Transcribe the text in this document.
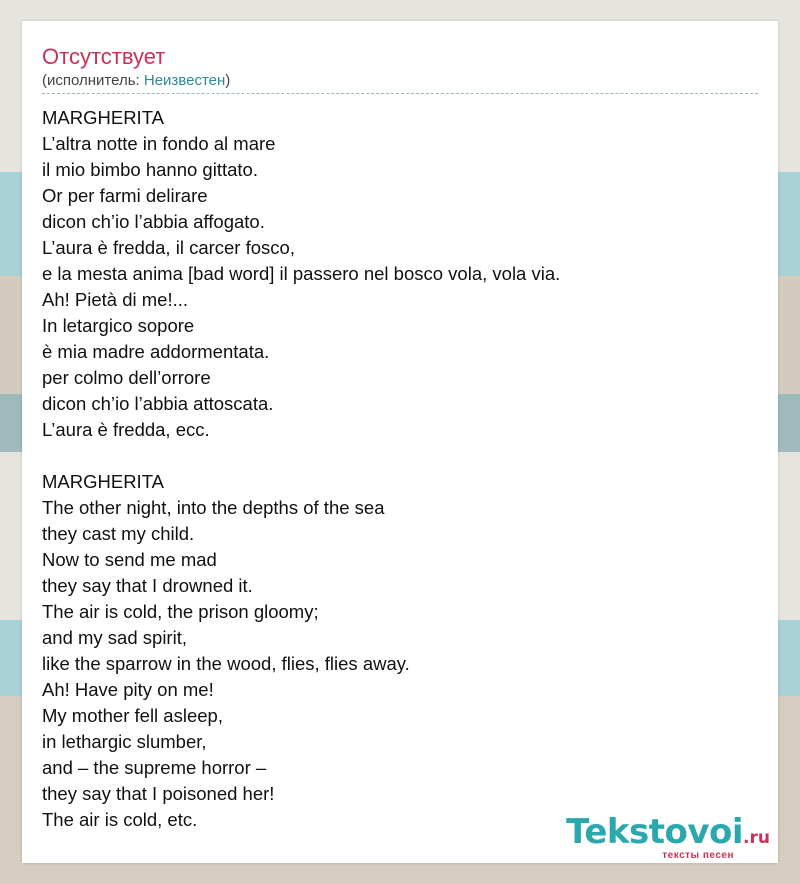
Отсутствует

(исполнитель: Неизвестен)

MARGHERITA
L’altra notte in fondo al mare
il mio bimbo hanno gittato.
Or per farmi delirare
dicon ch’io l’abbia affogato.
L’aura è fredda, il carcer fosco,
e la mesta anima [bad word] il passero nel bosco vola, vola via.
Ah! Pietà di me!...
In letargico sopore
è mia madre addormentata.
per colmo dell’orrore
dicon ch’io l’abbia attoscata.
L’aura è fredda, ecc.
MARGHERITA
The other night, into the depths of the sea
they cast my child.
Now to send me mad
they say that I drowned it.
The air is cold, the prison gloomy;
and my sad spirit,
like the sparrow in the wood, flies, flies away.
Ah! Have pity on me!
My mother fell asleep,
in lethargic slumber,
and – the supreme horror –
they say that I poisoned her!
The air is cold, etc.	Tekstovoi.ru
тексты песен
